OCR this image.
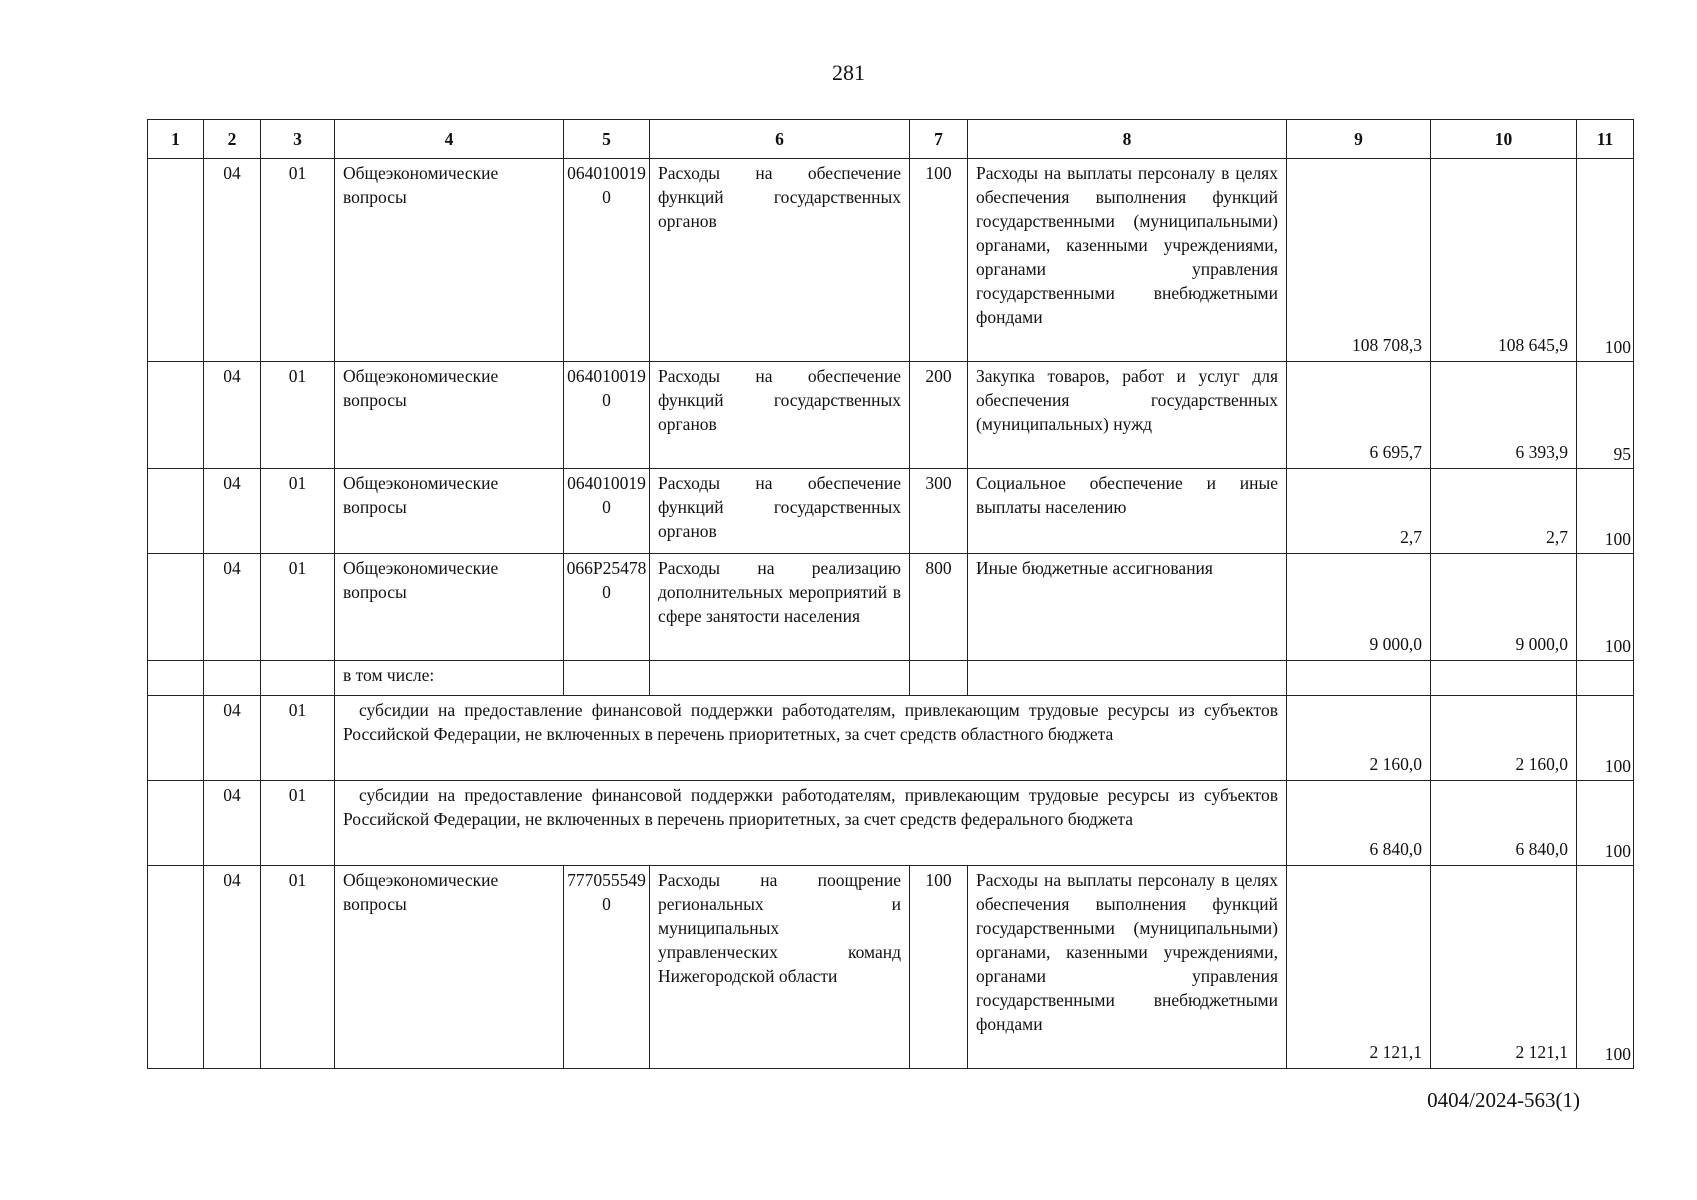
281
1	2	3	4	5	6	7	8	9	10	11
	04	01	Общеэкономические вопросы	0640100190	Расходы на обеспечение функций государственных органов	100	Расходы на выплаты персоналу в целях обеспечения выполнения функций государственными (муниципальными) органами, казенными учреждениями, органами управления государственными внебюджетными фондами	108 708,3	108 645,9	100
	04	01	Общеэкономические вопросы	0640100190	Расходы на обеспечение функций государственных органов	200	Закупка товаров, работ и услуг для обеспечения государственных (муниципальных) нужд	6 695,7	6 393,9	95
	04	01	Общеэкономические вопросы	0640100190	Расходы на обеспечение функций государственных органов	300	Социальное обеспечение и иные выплаты населению	2,7	2,7	100
	04	01	Общеэкономические вопросы	066P254780	Расходы на реализацию дополнительных мероприятий в сфере занятости населения	800	Иные бюджетные ассигнования	9 000,0	9 000,0	100
			в том числе:							
	04	01	субсидии на предоставление финансовой поддержки работодателям, привлекающим трудовые ресурсы из субъектов Российской Федерации, не включенных в перечень приоритетных, за счет средств областного бюджета					2 160,0	2 160,0	100
	04	01	субсидии на предоставление финансовой поддержки работодателям, привлекающим трудовые ресурсы из субъектов Российской Федерации, не включенных в перечень приоритетных, за счет средств федерального бюджета					6 840,0	6 840,0	100
	04	01	Общеэкономические вопросы	7770555490	Расходы на поощрение региональных и муниципальных управленческих команд Нижегородской области	100	Расходы на выплаты персоналу в целях обеспечения выполнения функций государственными (муниципальными) органами, казенными учреждениями, органами управления государственными внебюджетными фондами	2 121,1	2 121,1	100
0404/2024-563(1)
